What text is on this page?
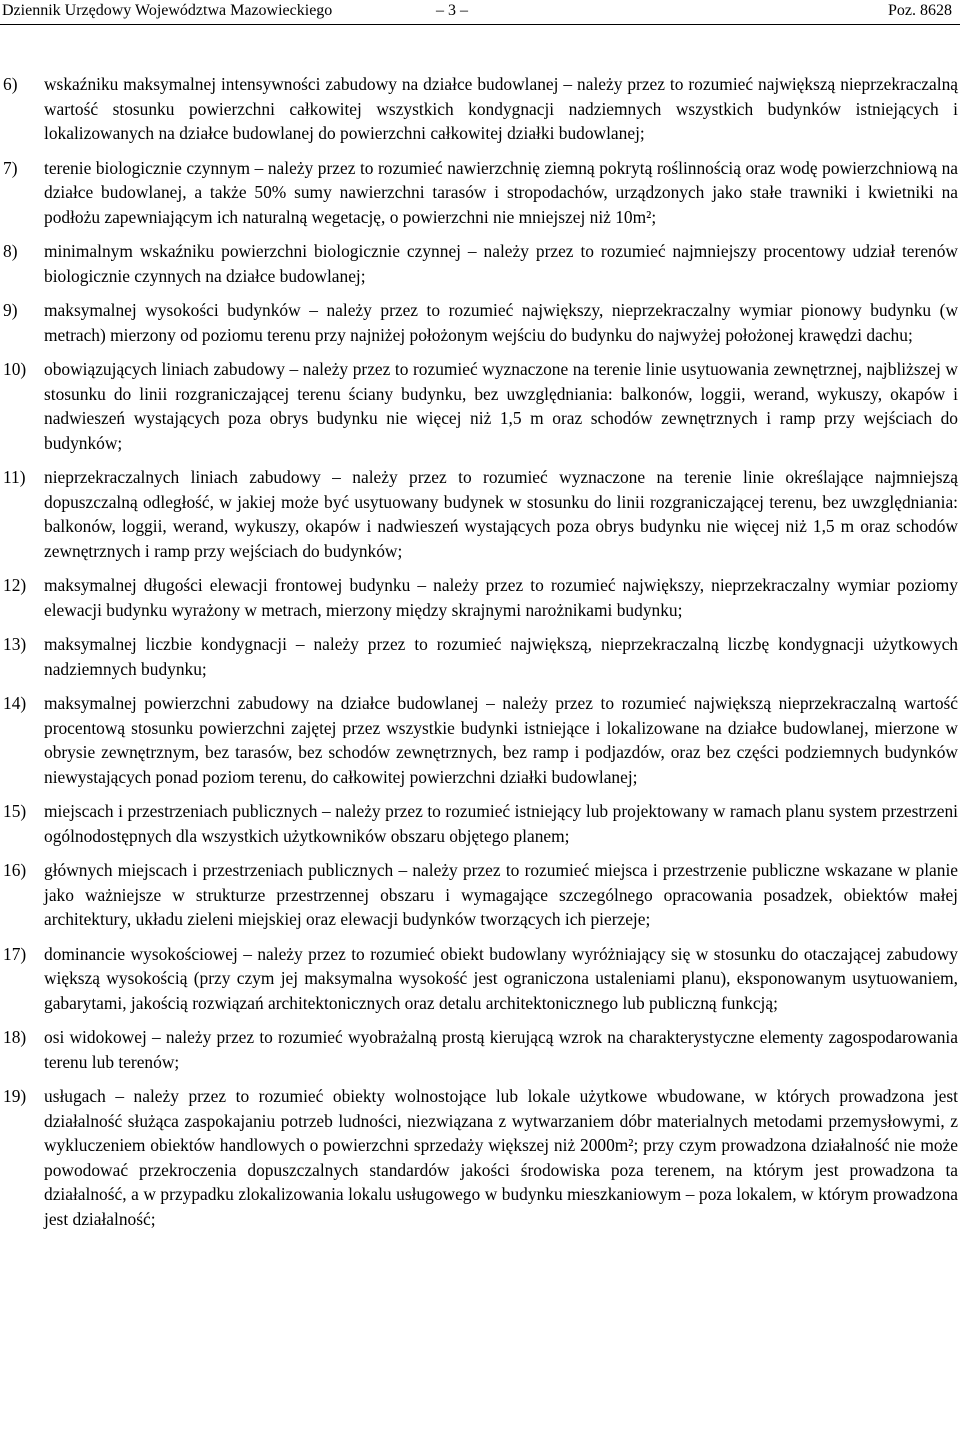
Dziennik Urzędowy Województwa Mazowieckiego	– 3 –	Poz. 8628
6) wskaźniku maksymalnej intensywności zabudowy na działce budowlanej – należy przez to rozumieć największą nieprzekraczalną wartość stosunku powierzchni całkowitej wszystkich kondygnacji nadziemnych wszystkich budynków istniejących i lokalizowanych na działce budowlanej do powierzchni całkowitej działki budowlanej;
7) terenie biologicznie czynnym – należy przez to rozumieć nawierzchnię ziemną pokrytą roślinnością oraz wodę powierzchniową na działce budowlanej, a także 50% sumy nawierzchni tarasów i stropodachów, urządzonych jako stałe trawniki i kwietniki na podłożu zapewniającym ich naturalną wegetację, o powierzchni nie mniejszej niż 10m²;
8) minimalnym wskaźniku powierzchni biologicznie czynnej – należy przez to rozumieć najmniejszy procentowy udział terenów biologicznie czynnych na działce budowlanej;
9) maksymalnej wysokości budynków – należy przez to rozumieć największy, nieprzekraczalny wymiar pionowy budynku (w metrach) mierzony od poziomu terenu przy najniżej położonym wejściu do budynku do najwyżej położonej krawędzi dachu;
10) obowiązujących liniach zabudowy – należy przez to rozumieć wyznaczone na terenie linie usytuowania zewnętrznej, najbliższej w stosunku do linii rozgraniczającej terenu ściany budynku, bez uwzględniania: balkonów, loggii, werand, wykuszy, okapów i nadwieszeń wystających poza obrys budynku nie więcej niż 1,5 m oraz schodów zewnętrznych i ramp przy wejściach do budynków;
11) nieprzekraczalnych liniach zabudowy – należy przez to rozumieć wyznaczone na terenie linie określające najmniejszą dopuszczalną odległość, w jakiej może być usytuowany budynek w stosunku do linii rozgraniczającej terenu, bez uwzględniania: balkonów, loggii, werand, wykuszy, okapów i nadwieszeń wystających poza obrys budynku nie więcej niż 1,5 m oraz schodów zewnętrznych i ramp przy wejściach do budynków;
12) maksymalnej długości elewacji frontowej budynku – należy przez to rozumieć największy, nieprzekraczalny wymiar poziomy elewacji budynku wyrażony w metrach, mierzony między skrajnymi narożnikami budynku;
13) maksymalnej liczbie kondygnacji – należy przez to rozumieć największą, nieprzekraczalną liczbę kondygnacji użytkowych nadziemnych budynku;
14) maksymalnej powierzchni zabudowy na działce budowlanej – należy przez to rozumieć największą nieprzekraczalną wartość procentową stosunku powierzchni zajętej przez wszystkie budynki istniejące i lokalizowane na działce budowlanej, mierzone w obrysie zewnętrznym, bez tarasów, bez schodów zewnętrznych, bez ramp i podjazdów, oraz bez części podziemnych budynków niewystających ponad poziom terenu, do całkowitej powierzchni działki budowlanej;
15) miejscach i przestrzeniach publicznych – należy przez to rozumieć istniejący lub projektowany w ramach planu system przestrzeni ogólnodostępnych dla wszystkich użytkowników obszaru objętego planem;
16) głównych miejscach i przestrzeniach publicznych – należy przez to rozumieć miejsca i przestrzenie publiczne wskazane w planie jako ważniejsze w strukturze przestrzennej obszaru i wymagające szczególnego opracowania posadzek, obiektów małej architektury, układu zieleni miejskiej oraz elewacji budynków tworzących ich pierzeje;
17) dominancie wysokościowej – należy przez to rozumieć obiekt budowlany wyróżniający się w stosunku do otaczającej zabudowy większą wysokością (przy czym jej maksymalna wysokość jest ograniczona ustaleniami planu), eksponowanym usytuowaniem, gabarytami, jakością rozwiązań architektonicznych oraz detalu architektonicznego lub publiczną funkcją;
18) osi widokowej – należy przez to rozumieć wyobrażalną prostą kierującą wzrok na charakterystyczne elementy zagospodarowania terenu lub terenów;
19) usługach – należy przez to rozumieć obiekty wolnostojące lub lokale użytkowe wbudowane, w których prowadzona jest działalność służąca zaspokajaniu potrzeb ludności, niezwiązana z wytwarzaniem dóbr materialnych metodami przemysłowymi, z wykluczeniem obiektów handlowych o powierzchni sprzedaży większej niż 2000m²; przy czym prowadzona działalność nie może powodować przekroczenia dopuszczalnych standardów jakości środowiska poza terenem, na którym jest prowadzona ta działalność, a w przypadku zlokalizowania lokalu usługowego w budynku mieszkaniowym – poza lokalem, w którym prowadzona jest działalność;
